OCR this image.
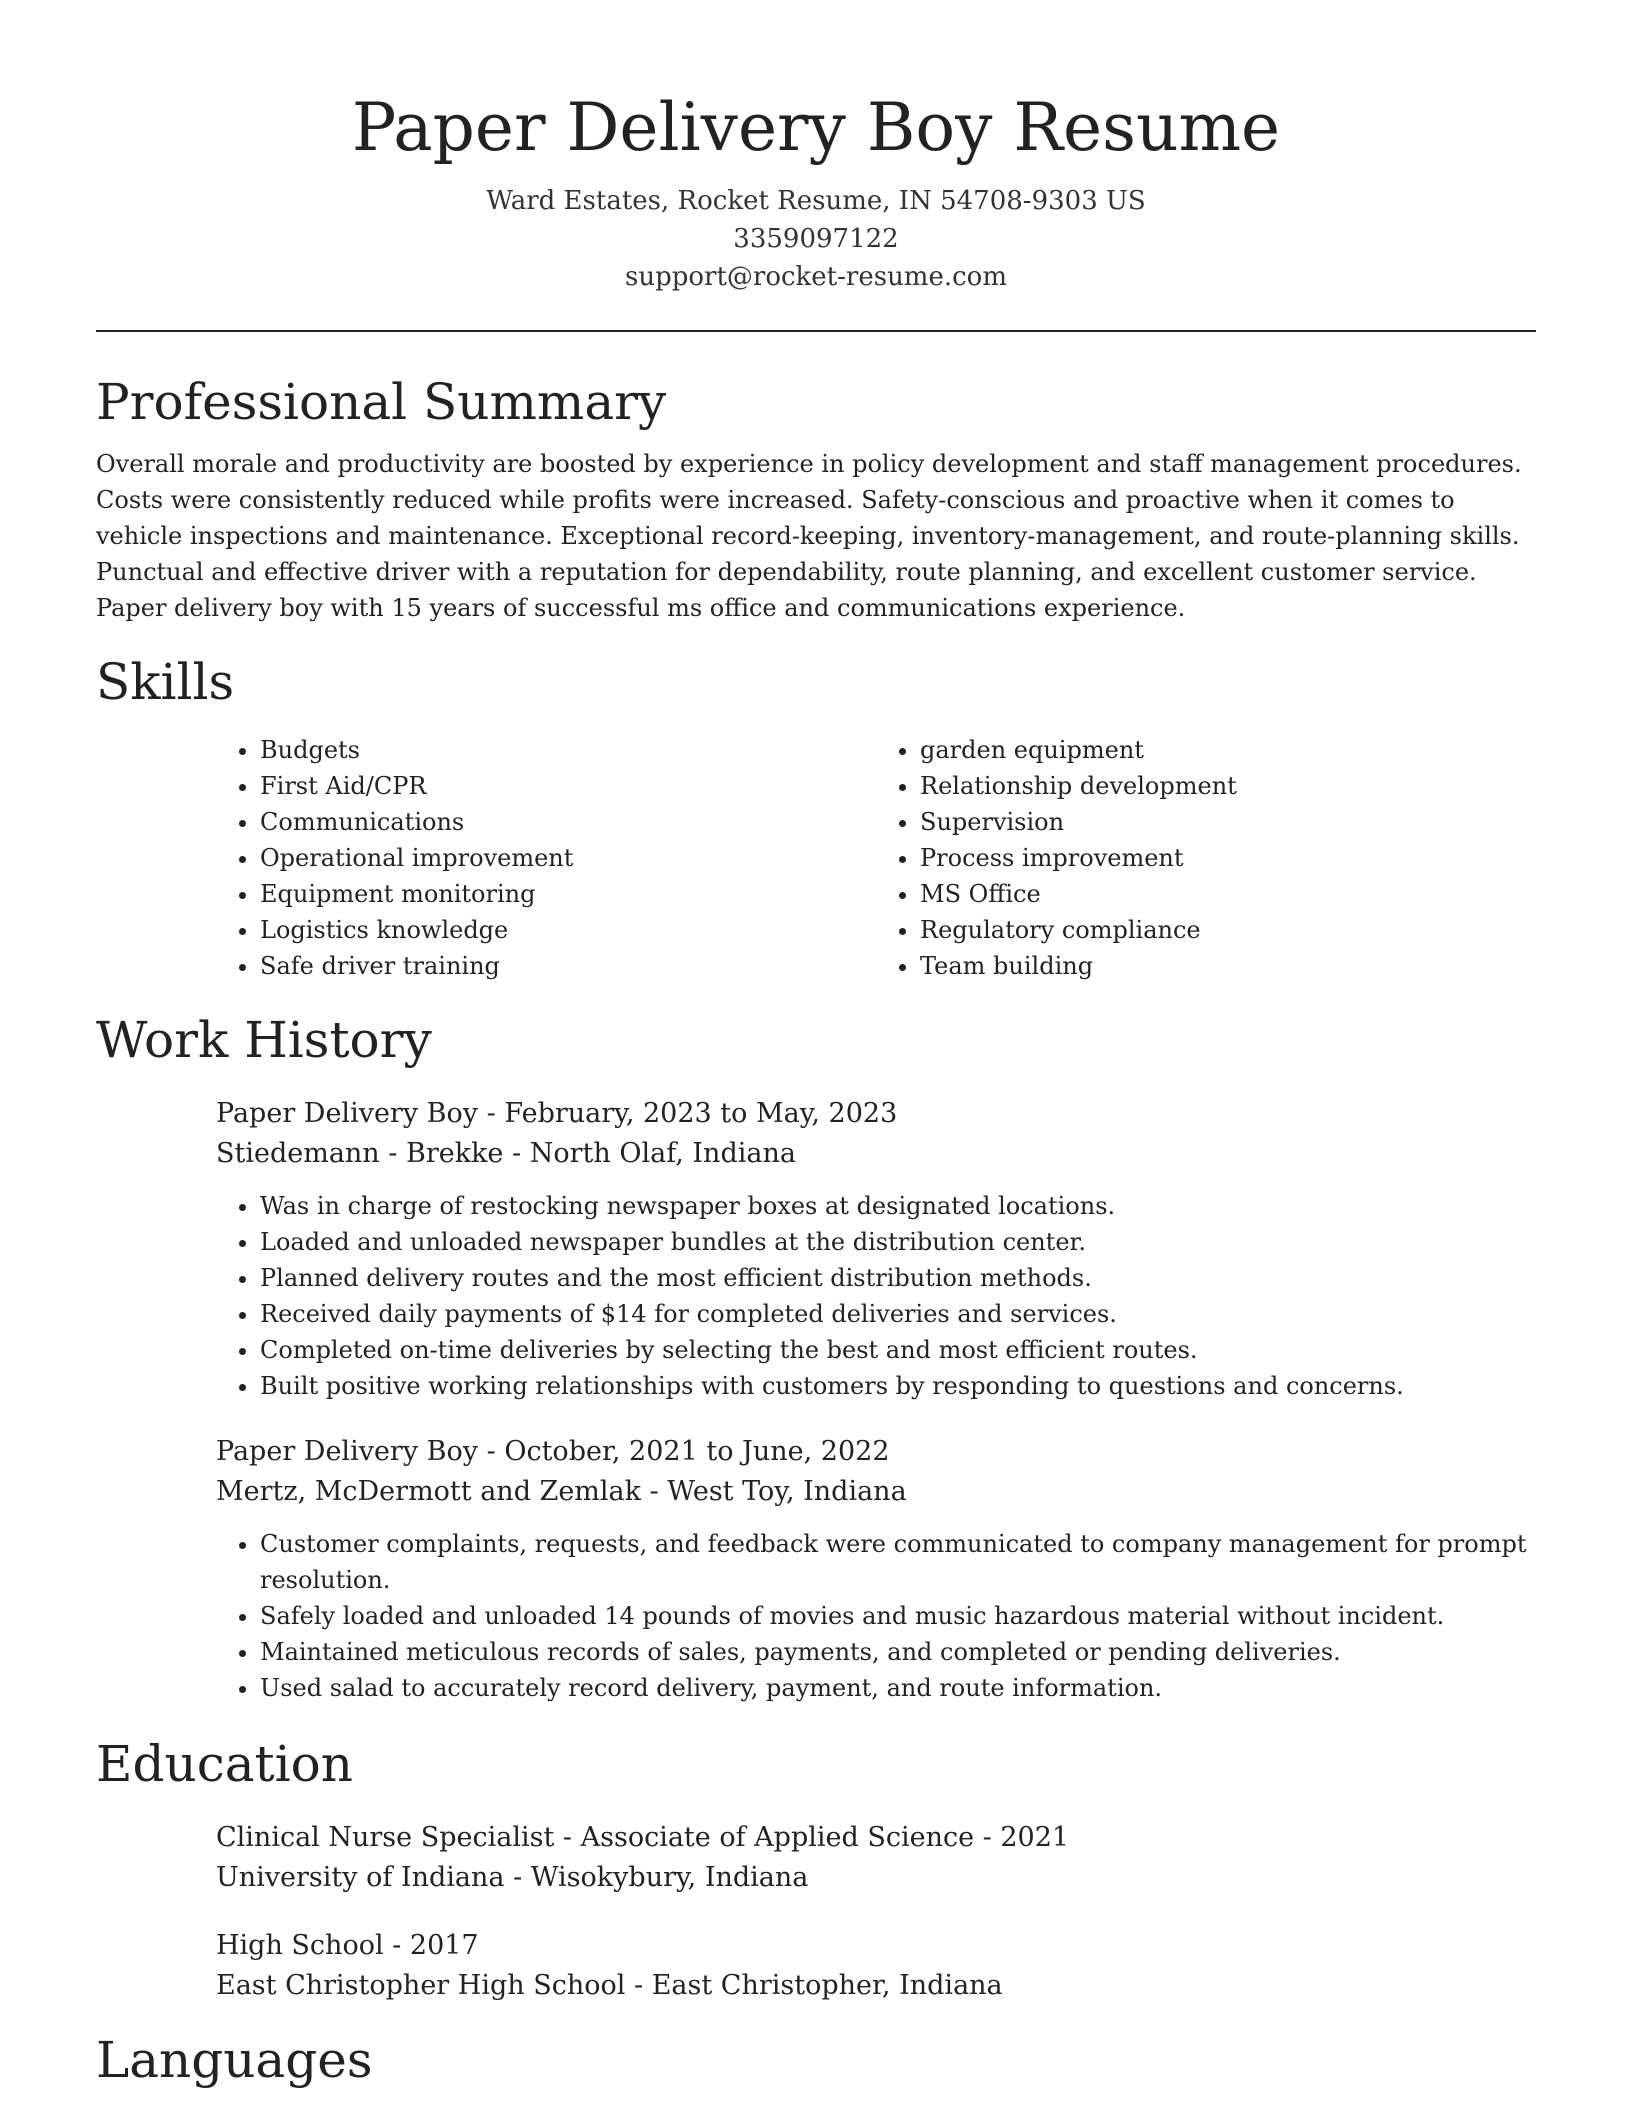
Paper Delivery Boy Resume

Ward Estates, Rocket Resume, IN 54708-9303 US

3359097122

support@rocket-resume.com

Professional Summary

Overall morale and productivity are boosted by experience in policy development and staff management procedures. Costs were consistently reduced while profits were increased. Safety-conscious and proactive when it comes to vehicle inspections and maintenance. Exceptional record-keeping, inventory-management, and route-planning skills. Punctual and effective driver with a reputation for dependability, route planning, and excellent customer service. Paper delivery boy with 15 years of successful ms office and communications experience.

Skills
• Budgets
• First Aid/CPR
• Communications
• Operational improvement
• Equipment monitoring
• Logistics knowledge
• Safe driver training
• garden equipment
• Relationship development
• Supervision
• Process improvement
• MS Office
• Regulatory compliance
• Team building
Work History

Paper Delivery Boy - February, 2023 to May, 2023

Stiedemann - Brekke - North Olaf, Indiana

• Was in charge of restocking newspaper boxes at designated locations.
• Loaded and unloaded newspaper bundles at the distribution center.
• Planned delivery routes and the most efficient distribution methods.
• Received daily payments of $14 for completed deliveries and services.
• Completed on-time deliveries by selecting the best and most efficient routes.
• Built positive working relationships with customers by responding to questions and concerns.

Paper Delivery Boy - October, 2021 to June, 2022

Mertz, McDermott and Zemlak - West Toy, Indiana

• Customer complaints, requests, and feedback were communicated to company management for prompt resolution.
• Safely loaded and unloaded 14 pounds of movies and music hazardous material without incident.
• Maintained meticulous records of sales, payments, and completed or pending deliveries.
• Used salad to accurately record delivery, payment, and route information.
Education

Clinical Nurse Specialist - Associate of Applied Science - 2021

University of Indiana - Wisokybury, Indiana

High School - 2017

East Christopher High School - East Christopher, Indiana

Languages
